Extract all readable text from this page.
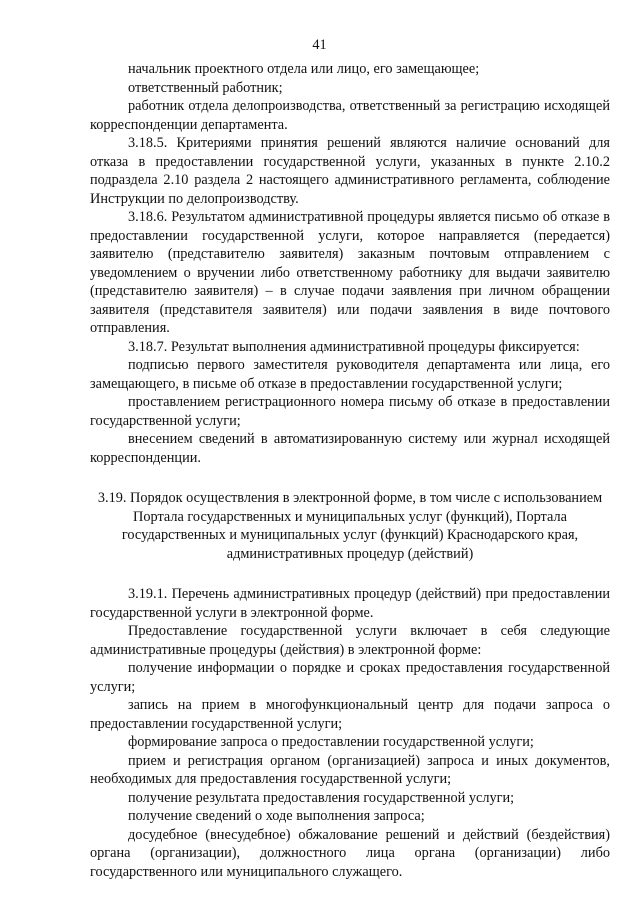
41

начальник проектного отдела или лицо, его замещающее;

ответственный работник;

работник отдела делопроизводства, ответственный за регистрацию исходящей корреспонденции департамента.

3.18.5. Критериями принятия решений являются наличие оснований для отказа в предоставлении государственной услуги, указанных в пункте 2.10.2 подраздела 2.10 раздела 2 настоящего административного регламента, соблюдение Инструкции по делопроизводству.

3.18.6. Результатом административной процедуры является письмо об отказе в предоставлении государственной услуги, которое направляется (передается) заявителю (представителю заявителя) заказным почтовым отправлением с уведомлением о вручении либо ответственному работнику для выдачи заявителю (представителю заявителя) – в случае подачи заявления при личном обращении заявителя (представителя заявителя) или подачи заявления в виде почтового отправления.

3.18.7. Результат выполнения административной процедуры фиксируется:

подписью первого заместителя руководителя департамента или лица, его замещающего, в письме об отказе в предоставлении государственной услуги;

проставлением регистрационного номера письму об отказе в предоставлении государственной услуги;

внесением сведений в автоматизированную систему или журнал исходящей корреспонденции.

3.19. Порядок осуществления в электронной форме, в том числе с использованием Портала государственных и муниципальных услуг (функций), Портала государственных и муниципальных услуг (функций) Краснодарского края, административных процедур (действий)

3.19.1. Перечень административных процедур (действий) при предоставлении государственной услуги в электронной форме.

Предоставление государственной услуги включает в себя следующие административные процедуры (действия) в электронной форме:

получение информации о порядке и сроках предоставления государственной услуги;

запись на прием в многофункциональный центр для подачи запроса о предоставлении государственной услуги;

формирование запроса о предоставлении государственной услуги;

прием и регистрация органом (организацией) запроса и иных документов, необходимых для предоставления государственной услуги;

получение результата предоставления государственной услуги;

получение сведений о ходе выполнения запроса;

досудебное (внесудебное) обжалование решений и действий (бездействия) органа (организации), должностного лица органа (организации) либо государственного или муниципального служащего.
